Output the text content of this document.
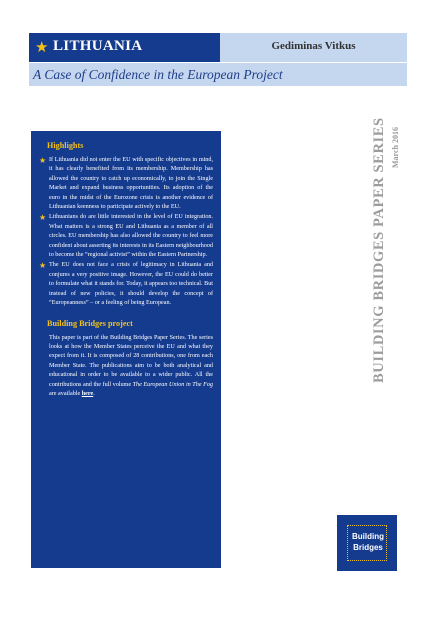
★ LITHUANIA	Gediminas Vitkus
A Case of Confidence in the European Project
Highlights
★ If Lithuania did not enter the EU with specific objectives in mind, it has clearly benefited from its membership. Membership has allowed the country to catch up economically, to join the Single Market and expand business opportunities. Its adoption of the euro in the midst of the Eurozone crisis is another evidence of Lithuanian keenness to participate actively to the EU.
★ Lithuanians do are little interested in the level of EU integration. What matters is a strong EU and Lithuania as a member of all circles. EU membership has also allowed the country to feel more confident about asserting its interests in its Eastern neighbourhood to become the “regional activist” within the Eastern Partnership.
★ The EU does not face a crisis of legitimacy in Lithuania and conjures a very positive image. However, the EU could do better to formulate what it stands for. Today, it appears too technical. But instead of new policies, it should develop the concept of “Europeanness” – or a feeling of being European.
Building Bridges project
This paper is part of the Building Bridges Paper Series. The series looks at how the Member States perceive the EU and what they expect from it. It is composed of 28 contributions, one from each Member State. The publications aim to be both analytical and educational in order to be available to a wider public. All the contributions and the full volume The European Union in The Fog are available here.
March 2016
BUILDING BRIDGES PAPER SERIES
Building
Bridges
